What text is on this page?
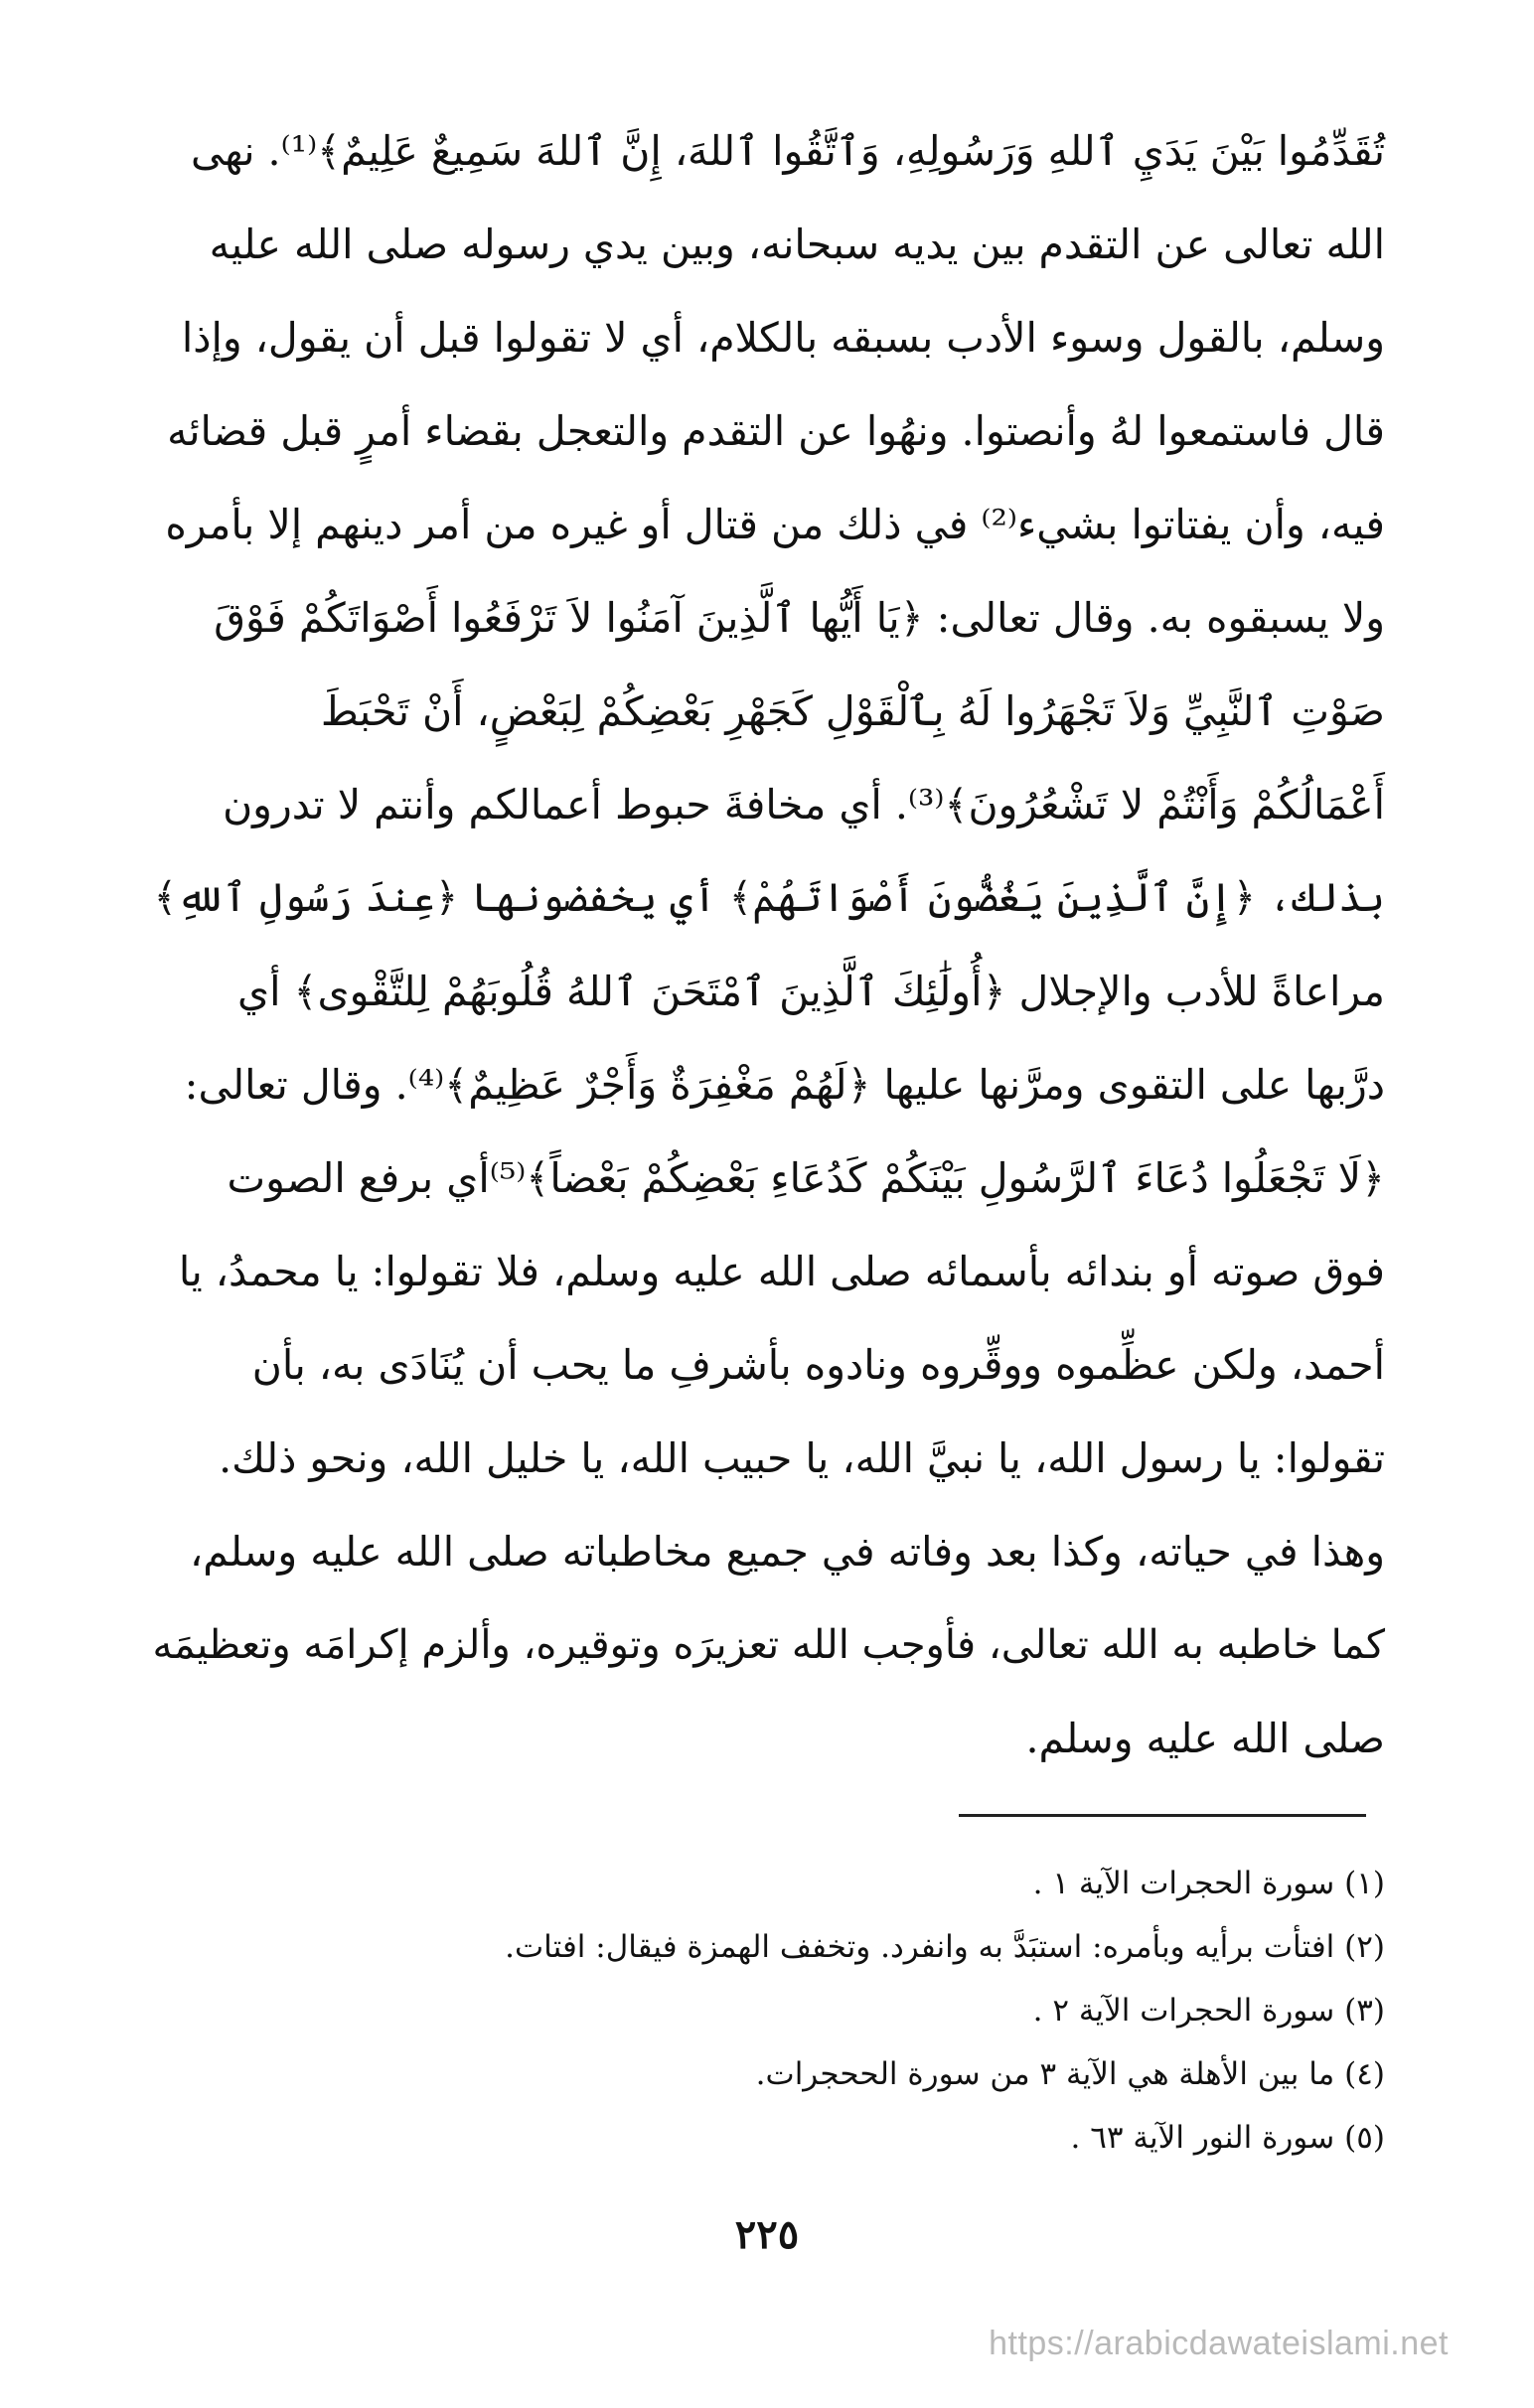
تُقَدِّمُوا بَيْنَ يَدَيِ ٱللهِ وَرَسُولِهِ، وَٱتَّقُوا ٱللهَ، إِنَّ ٱللهَ سَمِيعٌ عَلِيمٌ﴾⁽¹⁾. نهى
الله تعالى عن التقدم بين يديه سبحانه، وبين يدي رسوله صلى الله عليه
وسلم، بالقول وسوء الأدب بسبقه بالكلام، أي لا تقولوا قبل أن يقول، وإذا
قال فاستمعوا لهُ وأنصتوا. ونهُوا عن التقدم والتعجل بقضاء أمرٍ قبل قضائه
فيه، وأن يفتاتوا بشيء⁽²⁾ في ذلك من قتال أو غيره من أمر دينهم إلا بأمره
ولا يسبقوه به. وقال تعالى: ﴿يَا أَيُّها ٱلَّذِينَ آمَنُوا لاَ تَرْفَعُوا أَصْوَاتَكُمْ فَوْقَ
صَوْتِ ٱلنَّبِيِّ وَلاَ تَجْهَرُوا لَهُ بِٱلْقَوْلِ كَجَهْرِ بَعْضِكُمْ لِبَعْضٍ، أَنْ تَحْبَطَ
أَعْمَالُكُمْ وَأَنْتُمْ لا تَشْعُرُونَ﴾⁽³⁾. أي مخافةَ حبوط أعمالكم وأنتم لا تدرون
بذلك، ﴿إِنَّ ٱلَّذِينَ يَغُضُّونَ أَصْوَاتَهُمْ﴾ أي يخفضونها ﴿عِندَ رَسُولِ ٱللهِ﴾
مراعاةً للأدب والإجلال ﴿أُولَٰئِكَ ٱلَّذِينَ ٱمْتَحَنَ ٱللهُ قُلُوبَهُمْ لِلتَّقْوى﴾ أي
درَّبها على التقوى ومرَّنها عليها ﴿لَهُمْ مَغْفِرَةٌ وَأَجْرٌ عَظِيمٌ﴾⁽⁴⁾. وقال تعالى:
﴿لَا تَجْعَلُوا دُعَاءَ ٱلرَّسُولِ بَيْنَكُمْ كَدُعَاءِ بَعْضِكُمْ بَعْضاً﴾⁽⁵⁾أي برفع الصوت
فوق صوته أو بندائه بأسمائه صلى الله عليه وسلم، فلا تقولوا: يا محمدُ، يا
أحمد، ولكن عظِّموه ووقِّروه ونادوه بأشرفِ ما يحب أن يُنَادَى به، بأن
تقولوا: يا رسول الله، يا نبيَّ الله، يا حبيب الله، يا خليل الله، ونحو ذلك.
وهذا في حياته، وكذا بعد وفاته في جميع مخاطباته صلى الله عليه وسلم،
كما خاطبه به الله تعالى، فأوجب الله تعزيرَه وتوقيره، وألزم إكرامَه وتعظيمَه
صلى الله عليه وسلم.
(١) سورة الحجرات الآية ١ .
(٢) افتأت برأيه وبأمره: استبَدَّ به وانفرد. وتخفف الهمزة فيقال: افتات.
(٣) سورة الحجرات الآية ٢ .
(٤) ما بين الأهلة هي الآية ٣ من سورة الححجرات.
(٥) سورة النور الآية ٦٣ .
٢٢٥
https://arabicdawateislami.net
